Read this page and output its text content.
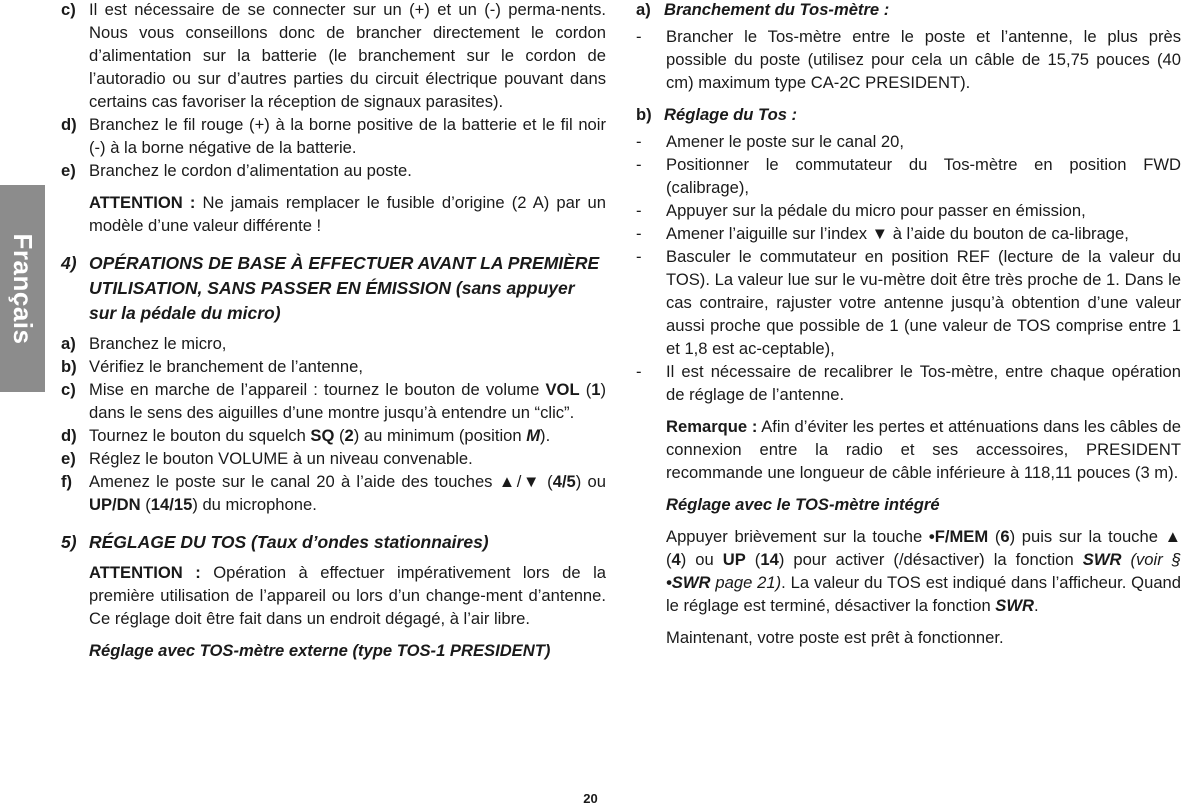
Français
c) Il est nécessaire de se connecter sur un (+) et un (-) perma-nents. Nous vous conseillons donc de brancher directement le cordon d’alimentation sur la batterie (le branchement sur le cordon de l’autoradio ou sur d’autres parties du circuit électrique pouvant dans certains cas favoriser la réception de signaux parasites).
d) Branchez le fil rouge (+) à la borne positive de la batterie et le fil noir (-) à la borne négative de la batterie.
e) Branchez le cordon d’alimentation au poste.
ATTENTION : Ne jamais remplacer le fusible d’origine (2 A) par un modèle d’une valeur différente !
4) OPÉRATIONS DE BASE À EFFECTUER AVANT LA PREMIÈRE UTILISATION, SANS PASSER EN ÉMISSION (sans appuyer sur la pédale du micro)
a) Branchez le micro,
b) Vérifiez le branchement de l’antenne,
c) Mise en marche de l’appareil : tournez le bouton de volume VOL (1) dans le sens des aiguilles d’une montre jusqu’à entendre un “clic”.
d) Tournez le bouton du squelch SQ (2) au minimum (position M).
e) Réglez le bouton VOLUME à un niveau convenable.
f) Amenez le poste sur le canal 20 à l’aide des touches ▲/▼ (4/5) ou UP/DN (14/15) du microphone.
5) RÉGLAGE DU TOS (Taux d’ondes stationnaires)
ATTENTION : Opération à effectuer impérativement lors de la première utilisation de l’appareil ou lors d’un change-ment d’antenne. Ce réglage doit être fait dans un endroit dégagé, à l’air libre.
Réglage avec TOS-mètre externe (type TOS-1 PRESIDENT)
a) Branchement du Tos-mètre :
- Brancher le Tos-mètre entre le poste et l’antenne, le plus près possible du poste (utilisez pour cela un câble de 15,75 pouces (40 cm) maximum type CA-2C PRESIDENT).
b) Réglage du Tos :
- Amener le poste sur le canal 20,
- Positionner le commutateur du Tos-mètre en position FWD (calibrage),
- Appuyer sur la pédale du micro pour passer en émission,
- Amener l’aiguille sur l’index ▼ à l’aide du bouton de ca-librage,
- Basculer le commutateur en position REF (lecture de la valeur du TOS). La valeur lue sur le vu-mètre doit être très proche de 1. Dans le cas contraire, rajuster votre antenne jusqu’à obtention d’une valeur aussi proche que possible de 1 (une valeur de TOS comprise entre 1 et 1,8 est ac-ceptable),
- Il est nécessaire de recalibrer le Tos-mètre, entre chaque opération de réglage de l’antenne.
Remarque : Afin d’éviter les pertes et atténuations dans les câbles de connexion entre la radio et ses accessoires, PRESIDENT recommande une longueur de câble inférieure à 118,11 pouces (3 m).
Réglage avec le TOS-mètre intégré
Appuyer brièvement sur la touche •F/MEM (6) puis sur la touche ▲ (4) ou UP (14) pour activer (/désactiver) la fonction SWR (voir § •SWR page 21). La valeur du TOS est indiqué dans l’afficheur. Quand le réglage est terminé, désactiver la fonction SWR.
Maintenant, votre poste est prêt à fonctionner.
20
